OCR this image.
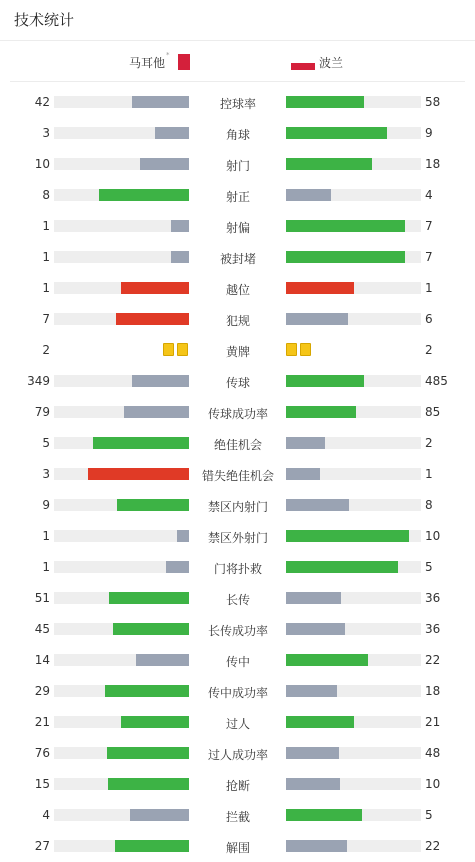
技术统计
马耳他
*
波兰
42	控球率	58
3	角球	9
10	射门	18
8	射正	4
1	射偏	7
1	被封堵	7
1	越位	1
7	犯规	6
2	黄牌	2
349	传球	485
79	传球成功率	85
5	绝佳机会	2
3	错失绝佳机会	1
9	禁区内射门	8
1	禁区外射门	10
1	门将扑救	5
51	长传	36
45	长传成功率	36
14	传中	22
29	传中成功率	18
21	过人	21
76	过人成功率	48
15	抢断	10
4	拦截	5
27	解围	22
